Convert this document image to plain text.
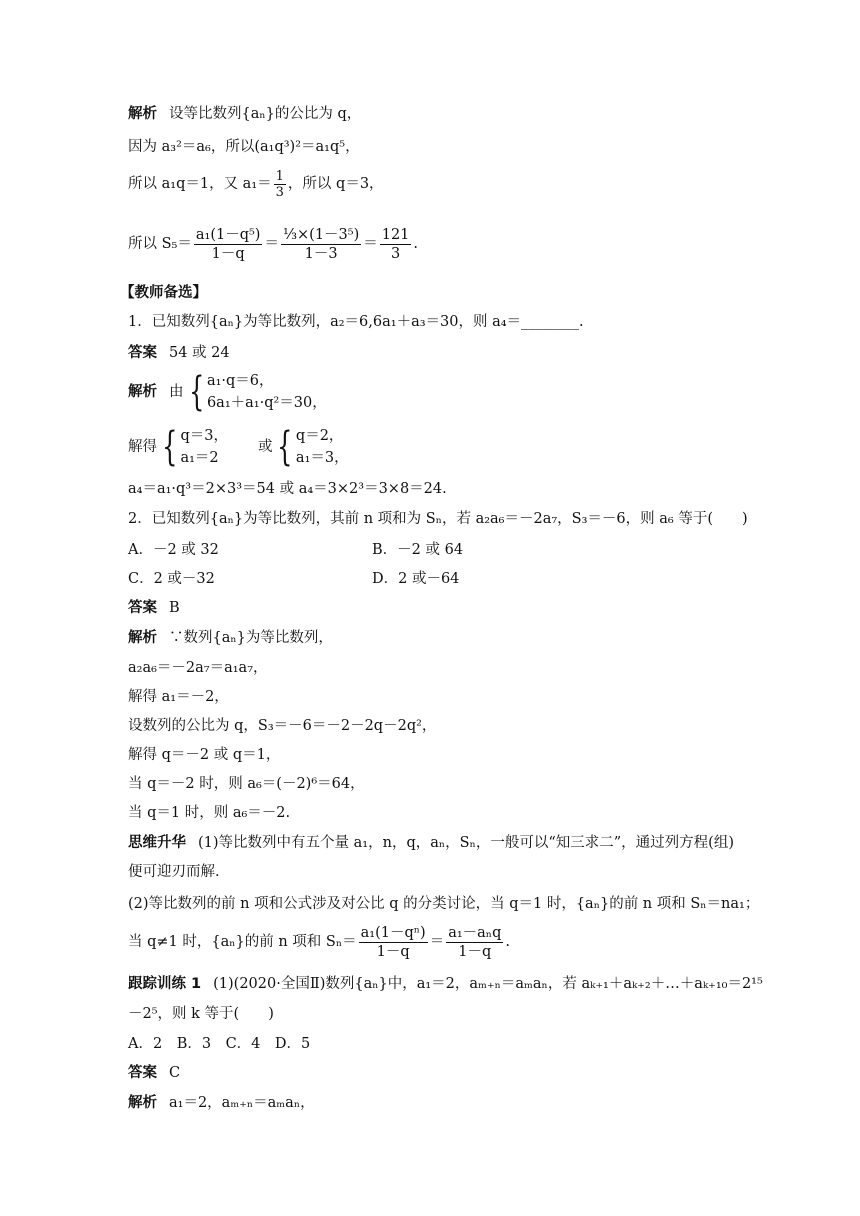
解析 设等比数列{aₙ}的公比为 q，
因为 a₃²＝a₆，所以(a₁q³)²＝a₁q⁵，
所以 a₁q＝1，又 $a_1= \frac{1}{3}$ ，所以 q＝3，
所以 $S_5= \frac{\text{a₁(1－q⁵)}}{1-q} = \frac{\text{⅓×(1－3⁵)}}{1-3} = \frac{121}{3}$ .
【教师备选】
1．已知数列{aₙ}为等比数列，a₂＝6,6a₁＋a₃＝30，则 a₄＝________.
答案 54 或 24
解析 由 { a₁·q＝6，
6a₁＋a₁·q²＝30，
解得 { q＝3，
a₁＝2
或 { q＝2，
a₁＝3，
a₄＝a₁·q³＝2×3³＝54 或 a₄＝3×2³＝3×8＝24.
2．已知数列{aₙ}为等比数列，其前 n 项和为 Sₙ，若 a₂a₆＝－2a₇，S₃＝－6，则 a₆ 等于(　　)
A．－2 或 32	B．－2 或 64
C．2 或－32	D．2 或－64
答案 B
解析 ∵数列{aₙ}为等比数列，
a₂a₆＝－2a₇＝a₁a₇，
解得 a₁＝－2，
设数列的公比为 q，S₃＝－6＝－2－2q－2q²，
解得 q＝－2 或 q＝1，
当 q＝－2 时，则 a₆＝(－2)⁶＝64，
当 q＝1 时，则 a₆＝－2.
思维升华 (1)等比数列中有五个量 a₁，n，q，aₙ，Sₙ，一般可以“知三求二”，通过列方程(组)
便可迎刃而解.
(2)等比数列的前 n 项和公式涉及对公比 q 的分类讨论，当 q＝1 时，{aₙ}的前 n 项和 Sₙ＝na₁；
当 q≠1 时，{aₙ}的前 n 项和 $S_n= \frac{\text{a₁(1－qⁿ)}}{1-q} = \frac{\text{a₁－aₙq}}{1-q}$ .
跟踪训练 1 (1)(2020·全国Ⅱ)数列{aₙ}中，a₁＝2，aₘ₊ₙ＝aₘaₙ，若 aₖ₊₁＋aₖ₊₂＋…＋aₖ₊₁₀＝2¹⁵
－2⁵，则 k 等于(　　)
A．2　B．3　C．4　D．5
答案 C
解析 a₁＝2，aₘ₊ₙ＝aₘaₙ，
